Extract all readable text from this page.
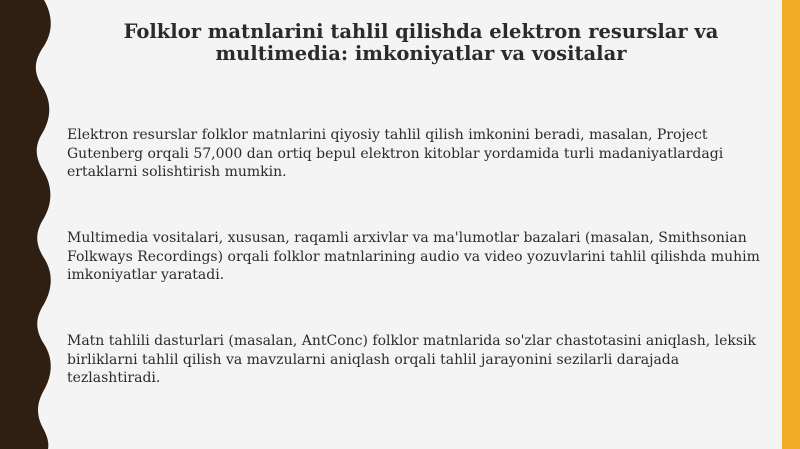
Folklor matnlarini tahlil qilishda elektron resurslar va multimedia: imkoniyatlar va vositalar

Elektron resurslar folklor matnlarini qiyosiy tahlil qilish imkonini beradi, masalan, Project Gutenberg orqali 57,000 dan ortiq bepul elektron kitoblar yordamida turli madaniyatlardagi ertaklarni solishtirish mumkin.

Multimedia vositalari, xususan, raqamli arxivlar va ma'lumotlar bazalari (masalan, Smithsonian Folkways Recordings) orqali folklor matnlarining audio va video yozuvlarini tahlil qilishda muhim imkoniyatlar yaratadi.

Matn tahlili dasturlari (masalan, AntConc) folklor matnlarida so'zlar chastotasini aniqlash, leksik birliklarni tahlil qilish va mavzularni aniqlash orqali tahlil jarayonini sezilarli darajada tezlashtiradi.
